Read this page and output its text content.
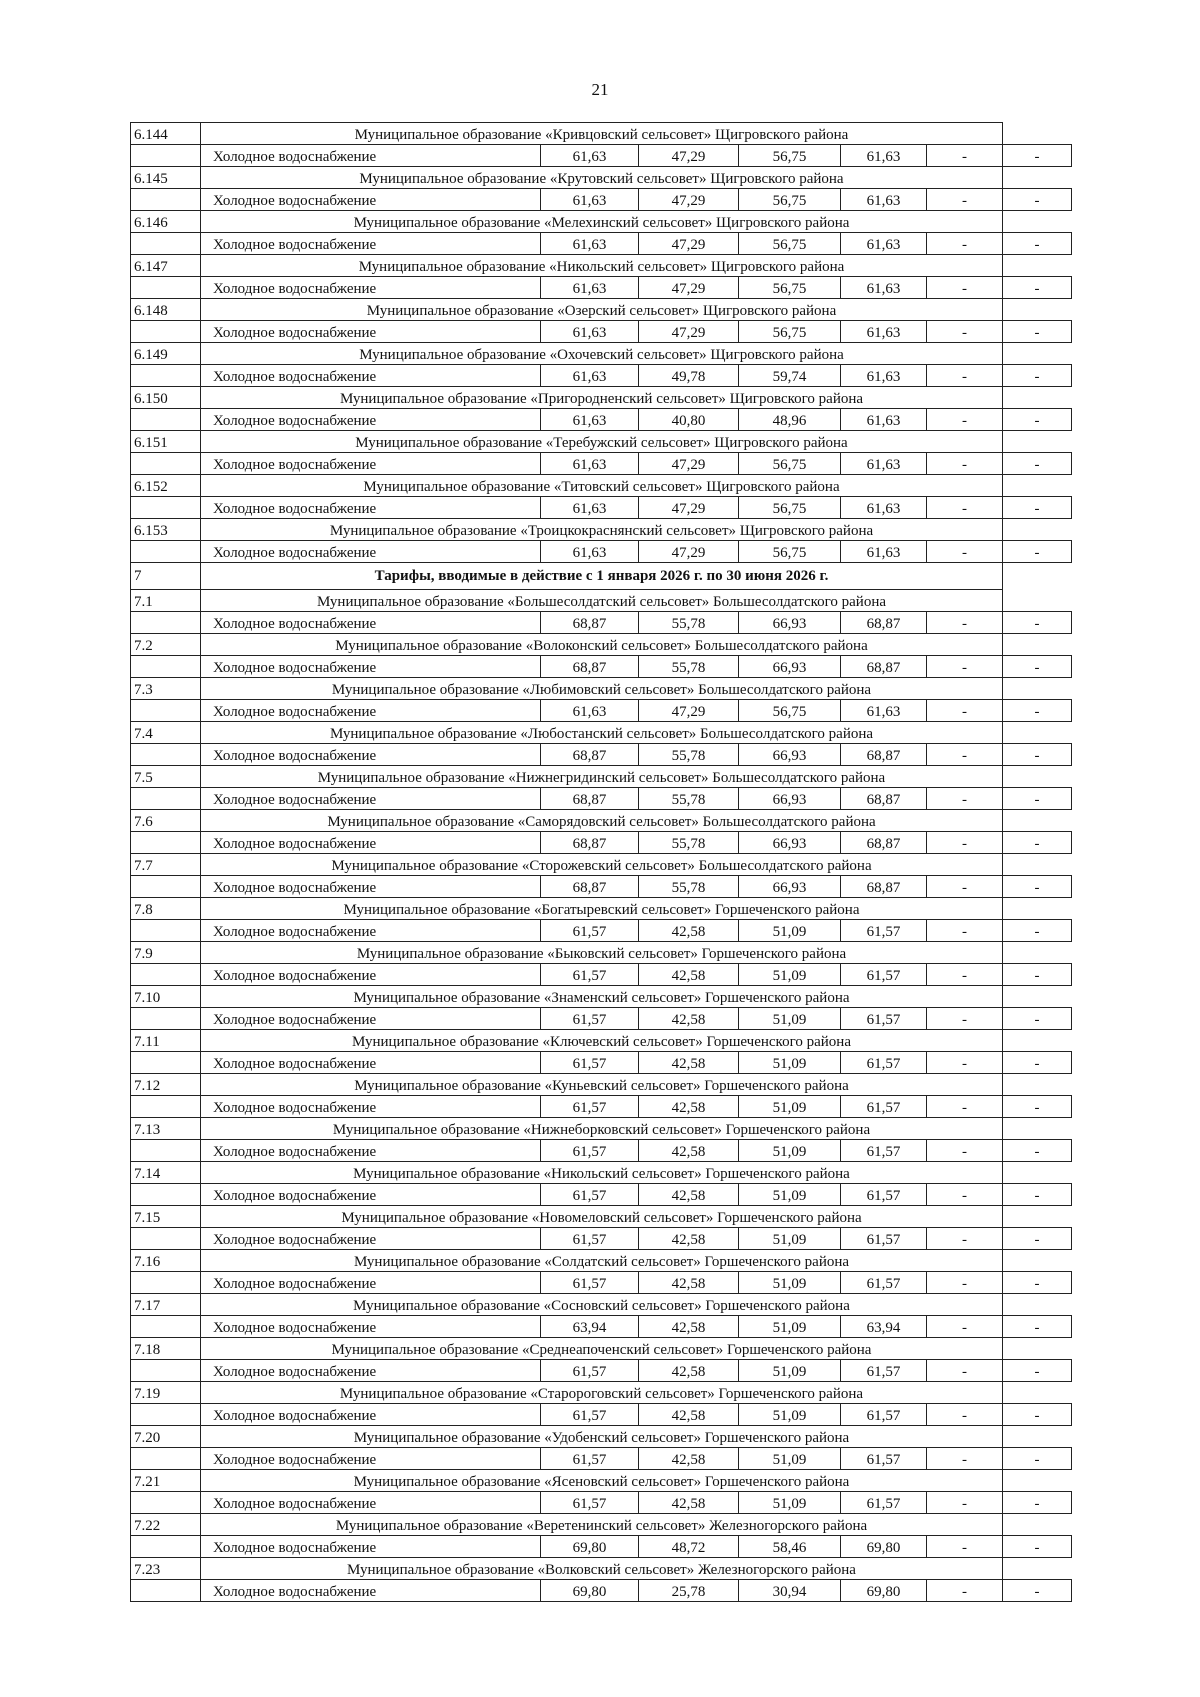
21
6.144	Муниципальное образование «Кривцовский сельсовет» Щигровского района						
	Холодное водоснабжение	61,63	47,29	56,75	61,63	-	-
6.145	Муниципальное образование «Крутовский сельсовет» Щигровского района						
	Холодное водоснабжение	61,63	47,29	56,75	61,63	-	-
6.146	Муниципальное образование «Мелехинский сельсовет» Щигровского района						
	Холодное водоснабжение	61,63	47,29	56,75	61,63	-	-
6.147	Муниципальное образование «Никольский сельсовет» Щигровского района						
	Холодное водоснабжение	61,63	47,29	56,75	61,63	-	-
6.148	Муниципальное образование «Озерский сельсовет» Щигровского района						
	Холодное водоснабжение	61,63	47,29	56,75	61,63	-	-
6.149	Муниципальное образование «Охочевский сельсовет» Щигровского района						
	Холодное водоснабжение	61,63	49,78	59,74	61,63	-	-
6.150	Муниципальное образование «Пригородненский сельсовет» Щигровского района						
	Холодное водоснабжение	61,63	40,80	48,96	61,63	-	-
6.151	Муниципальное образование «Теребужский сельсовет» Щигровского района						
	Холодное водоснабжение	61,63	47,29	56,75	61,63	-	-
6.152	Муниципальное образование «Титовский сельсовет» Щигровского района						
	Холодное водоснабжение	61,63	47,29	56,75	61,63	-	-
6.153	Муниципальное образование «Троицкокраснянский сельсовет» Щигровского района						
	Холодное водоснабжение	61,63	47,29	56,75	61,63	-	-
7	Тарифы, вводимые в действие с 1 января 2026 г. по 30 июня 2026 г.						
7.1	Муниципальное образование «Большесолдатский сельсовет» Большесолдатского района						
	Холодное водоснабжение	68,87	55,78	66,93	68,87	-	-
7.2	Муниципальное образование «Волоконский сельсовет» Большесолдатского района						
	Холодное водоснабжение	68,87	55,78	66,93	68,87	-	-
7.3	Муниципальное образование «Любимовский сельсовет» Большесолдатского района						
	Холодное водоснабжение	61,63	47,29	56,75	61,63	-	-
7.4	Муниципальное образование «Любостанский сельсовет» Большесолдатского района						
	Холодное водоснабжение	68,87	55,78	66,93	68,87	-	-
7.5	Муниципальное образование «Нижнегридинский сельсовет» Большесолдатского района						
	Холодное водоснабжение	68,87	55,78	66,93	68,87	-	-
7.6	Муниципальное образование «Саморядовский сельсовет» Большесолдатского района						
	Холодное водоснабжение	68,87	55,78	66,93	68,87	-	-
7.7	Муниципальное образование «Сторожевский сельсовет» Большесолдатского района						
	Холодное водоснабжение	68,87	55,78	66,93	68,87	-	-
7.8	Муниципальное образование «Богатыревский сельсовет» Горшеченского района						
	Холодное водоснабжение	61,57	42,58	51,09	61,57	-	-
7.9	Муниципальное образование «Быковский сельсовет» Горшеченского района						
	Холодное водоснабжение	61,57	42,58	51,09	61,57	-	-
7.10	Муниципальное образование «Знаменский сельсовет» Горшеченского района						
	Холодное водоснабжение	61,57	42,58	51,09	61,57	-	-
7.11	Муниципальное образование «Ключевский сельсовет» Горшеченского района						
	Холодное водоснабжение	61,57	42,58	51,09	61,57	-	-
7.12	Муниципальное образование «Куньевский сельсовет» Горшеченского района						
	Холодное водоснабжение	61,57	42,58	51,09	61,57	-	-
7.13	Муниципальное образование «Нижнеборковский сельсовет» Горшеченского района						
	Холодное водоснабжение	61,57	42,58	51,09	61,57	-	-
7.14	Муниципальное образование «Никольский сельсовет» Горшеченского района						
	Холодное водоснабжение	61,57	42,58	51,09	61,57	-	-
7.15	Муниципальное образование «Новомеловский сельсовет» Горшеченского района						
	Холодное водоснабжение	61,57	42,58	51,09	61,57	-	-
7.16	Муниципальное образование «Солдатский сельсовет» Горшеченского района						
	Холодное водоснабжение	61,57	42,58	51,09	61,57	-	-
7.17	Муниципальное образование «Сосновский сельсовет» Горшеченского района						
	Холодное водоснабжение	63,94	42,58	51,09	63,94	-	-
7.18	Муниципальное образование «Среднеапоченский сельсовет» Горшеченского района						
	Холодное водоснабжение	61,57	42,58	51,09	61,57	-	-
7.19	Муниципальное образование «Старороговский сельсовет» Горшеченского района						
	Холодное водоснабжение	61,57	42,58	51,09	61,57	-	-
7.20	Муниципальное образование «Удобенский сельсовет» Горшеченского района						
	Холодное водоснабжение	61,57	42,58	51,09	61,57	-	-
7.21	Муниципальное образование «Ясеновский сельсовет» Горшеченского района						
	Холодное водоснабжение	61,57	42,58	51,09	61,57	-	-
7.22	Муниципальное образование «Веретенинский сельсовет» Железногорского района						
	Холодное водоснабжение	69,80	48,72	58,46	69,80	-	-
7.23	Муниципальное образование «Волковский сельсовет» Железногорского района						
	Холодное водоснабжение	69,80	25,78	30,94	69,80	-	-
